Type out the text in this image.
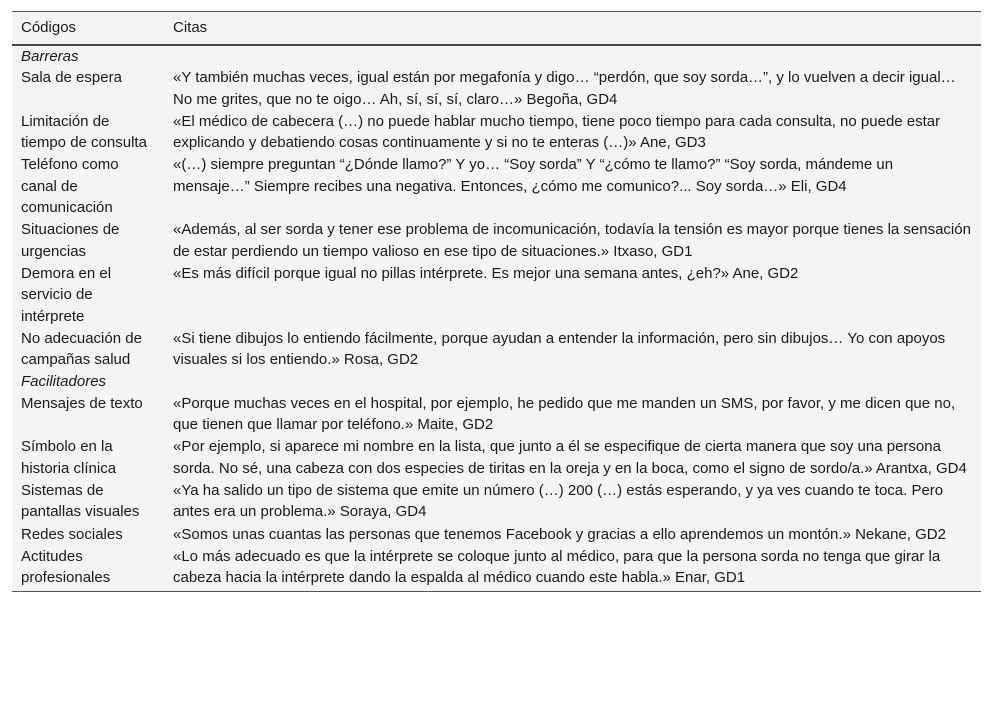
Códigos	Citas
Barreras	
Sala de espera	«Y también muchas veces, igual están por megafonía y digo… “perdón, que soy sorda…”, y lo vuelven a decir igual… No me grites, que no te oigo… Ah, sí, sí, sí, claro…» Begoña, GD4
Limitación de tiempo de consulta	«El médico de cabecera (…) no puede hablar mucho tiempo, tiene poco tiempo para cada consulta, no puede estar explicando y debatiendo cosas continuamente y si no te enteras (…)» Ane, GD3
Teléfono como canal de comunicación	«(…) siempre preguntan “¿Dónde llamo?” Y yo… “Soy sorda” Y “¿cómo te llamo?” “Soy sorda, mándeme un mensaje…” Siempre recibes una negativa. Entonces, ¿cómo me comunico?... Soy sorda…» Eli, GD4
Situaciones de urgencias	«Además, al ser sorda y tener ese problema de incomunicación, todavía la tensión es mayor porque tienes la sensación de estar perdiendo un tiempo valioso en ese tipo de situaciones.» Itxaso, GD1
Demora en el servicio de intérprete	«Es más difícil porque igual no pillas intérprete. Es mejor una semana antes, ¿eh?» Ane, GD2
No adecuación de campañas salud	«Si tiene dibujos lo entiendo fácilmente, porque ayudan a entender la información, pero sin dibujos… Yo con apoyos visuales si los entiendo.» Rosa, GD2
Facilitadores	
Mensajes de texto	«Porque muchas veces en el hospital, por ejemplo, he pedido que me manden un SMS, por favor, y me dicen que no, que tienen que llamar por teléfono.» Maite, GD2
Símbolo en la historia clínica	«Por ejemplo, si aparece mi nombre en la lista, que junto a él se especifique de cierta manera que soy una persona sorda. No sé, una cabeza con dos especies de tiritas en la oreja y en la boca, como el signo de sordo/a.» Arantxa, GD4
Sistemas de pantallas visuales	«Ya ha salido un tipo de sistema que emite un número (…) 200 (…) estás esperando, y ya ves cuando te toca. Pero antes era un problema.» Soraya, GD4
Redes sociales	«Somos unas cuantas las personas que tenemos Facebook y gracias a ello aprendemos un montón.» Nekane, GD2
Actitudes profesionales	«Lo más adecuado es que la intérprete se coloque junto al médico, para que la persona sorda no tenga que girar la cabeza hacia la intérprete dando la espalda al médico cuando este habla.» Enar, GD1
